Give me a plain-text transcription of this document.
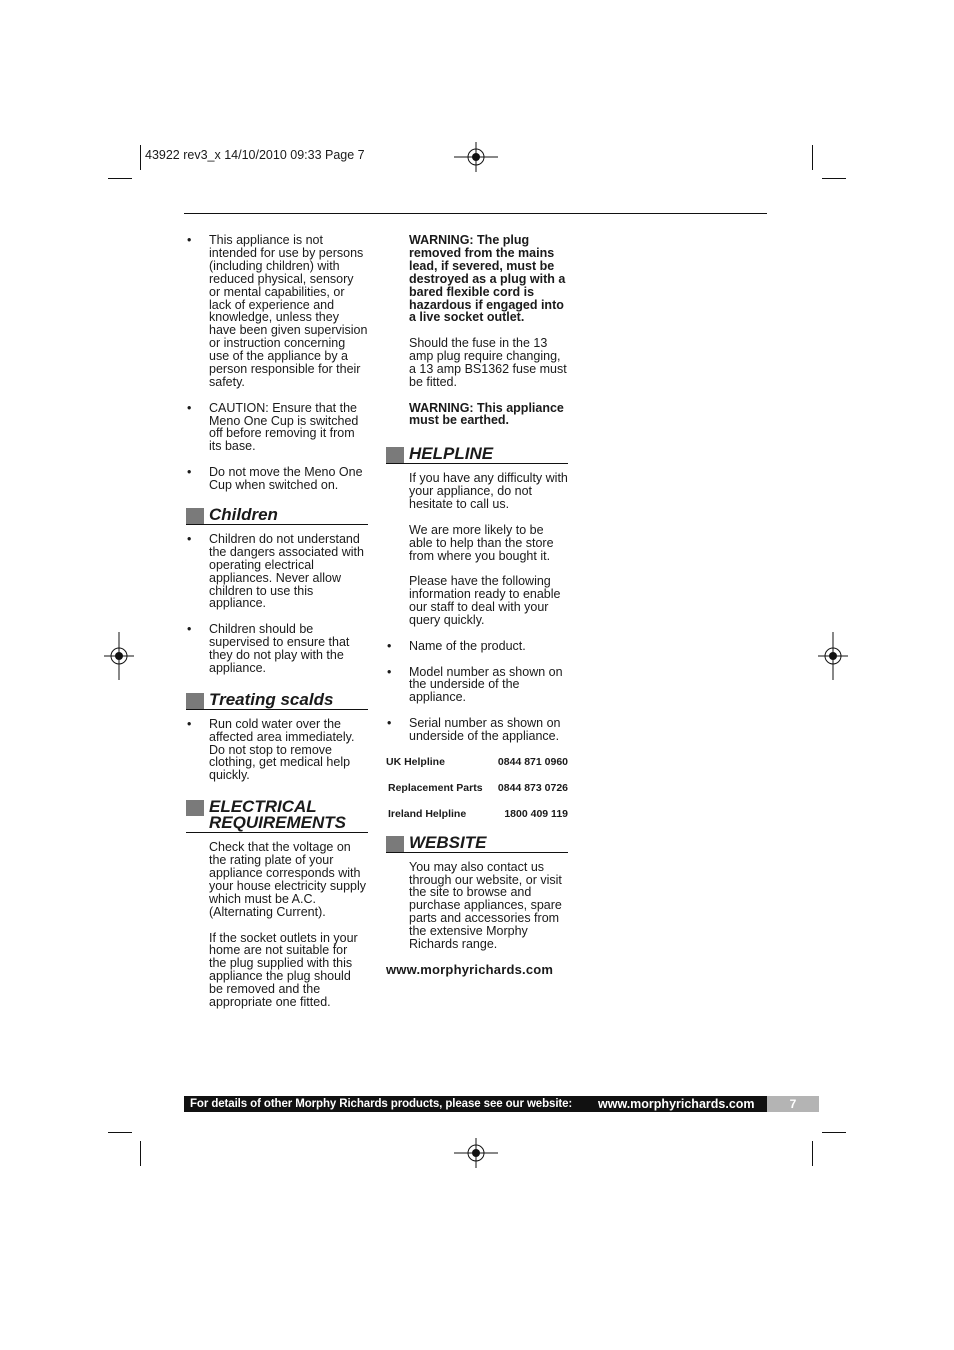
43922 rev3_x 14/10/2010 09:33 Page 7
• This appliance is not intended for use by persons (including children) with reduced physical, sensory or mental capabilities, or lack of experience and knowledge, unless they have been given supervision or instruction concerning use of the appliance by a person responsible for their safety.
• CAUTION: Ensure that the Meno One Cup is switched off before removing it from its base.
• Do not move the Meno One Cup when switched on.
Children
• Children do not understand the dangers associated with operating electrical appliances. Never allow children to use this appliance.
• Children should be supervised to ensure that they do not play with the appliance.
Treating scalds
• Run cold water over the affected area immediately. Do not stop to remove clothing, get medical help quickly.
ELECTRICAL REQUIREMENTS
Check that the voltage on the rating plate of your appliance corresponds with your house electricity supply which must be A.C. (Alternating Current).
If the socket outlets in your home are not suitable for the plug supplied with this appliance the plug should be removed and the appropriate one fitted.
WARNING: The plug removed from the mains lead, if severed, must be destroyed as a plug with a bared flexible cord is hazardous if engaged into a live socket outlet.
Should the fuse in the 13 amp plug require changing, a 13 amp BS1362 fuse must be fitted.
WARNING: This appliance must be earthed.
HELPLINE
If you have any difficulty with your appliance, do not hesitate to call us.
We are more likely to be able to help than the store from where you bought it.
Please have the following information ready to enable our staff to deal with your query quickly.
• Name of the product.
• Model number as shown on the underside of the appliance.
• Serial number as shown on underside of the appliance.
UK Helpline	0844 871 0960
Replacement Parts 0844 873 0726
Ireland Helpline	1800 409 119
WEBSITE
You may also contact us through our website, or visit the site to browse and purchase appliances, spare parts and accessories from the extensive Morphy Richards range.
www.morphyrichards.com
For details of other Morphy Richards products, please see our website: www.morphyrichards.com	7
